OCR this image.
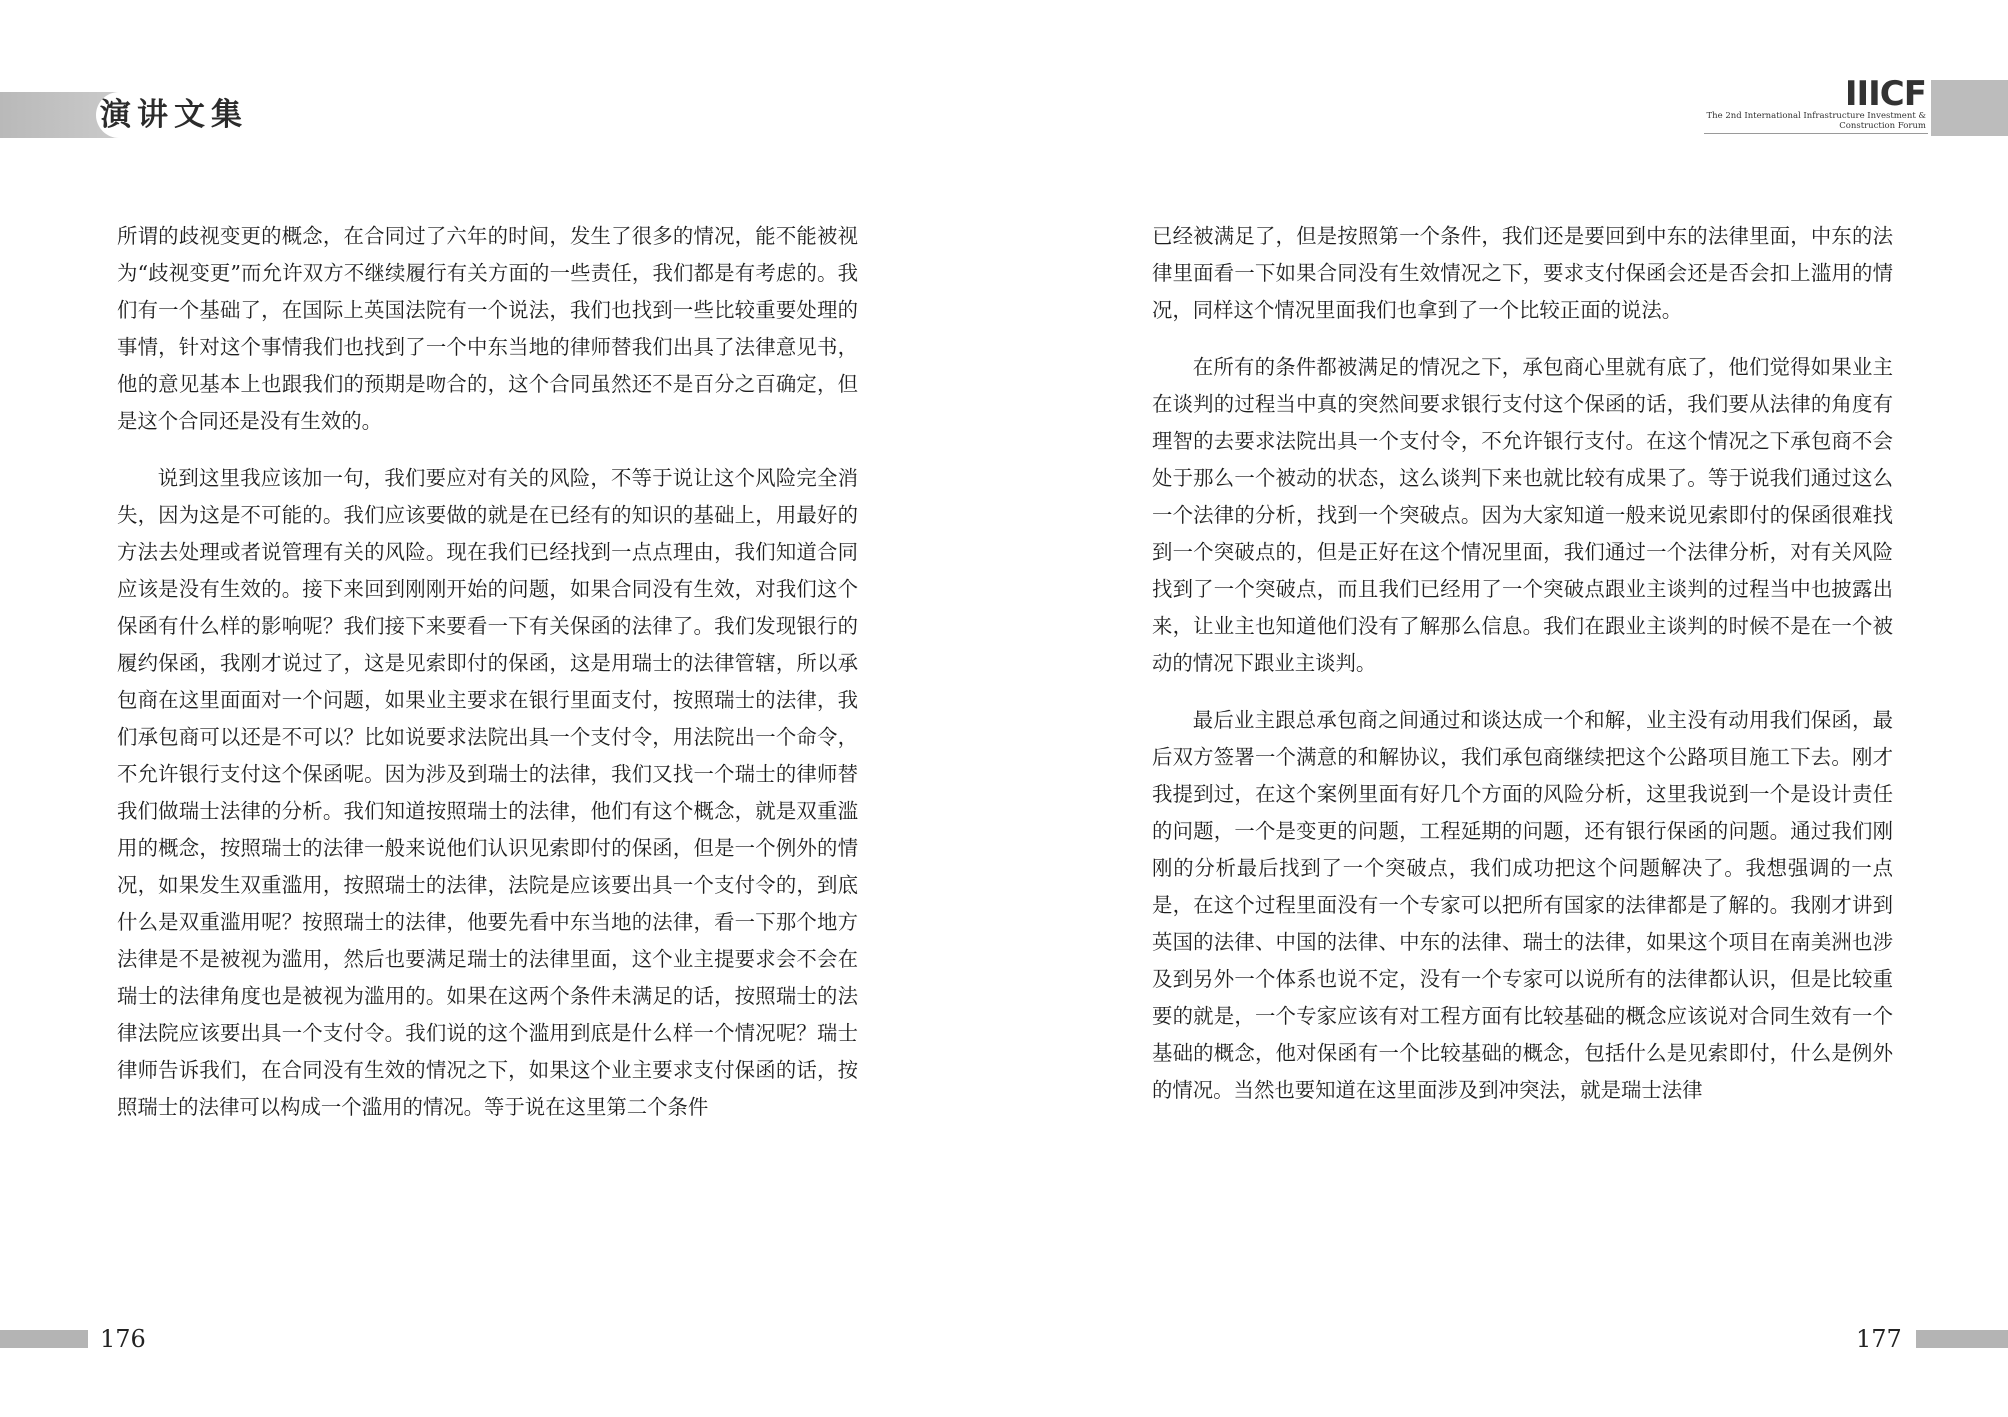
演讲文集

所谓的歧视变更的概念，在合同过了六年的时间，发生了很多的情况，能不能被视为“歧视变更”而允许双方不继续履行有关方面的一些责任，我们都是有考虑的。我们有一个基础了，在国际上英国法院有一个说法，我们也找到一些比较重要处理的事情，针对这个事情我们也找到了一个中东当地的律师替我们出具了法律意见书，他的意见基本上也跟我们的预期是吻合的，这个合同虽然还不是百分之百确定，但是这个合同还是没有生效的。

说到这里我应该加一句，我们要应对有关的风险，不等于说让这个风险完全消失，因为这是不可能的。我们应该要做的就是在已经有的知识的基础上，用最好的方法去处理或者说管理有关的风险。现在我们已经找到一点点理由，我们知道合同应该是没有生效的。接下来回到刚刚开始的问题，如果合同没有生效，对我们这个保函有什么样的影响呢？我们接下来要看一下有关保函的法律了。我们发现银行的履约保函，我刚才说过了，这是见索即付的保函，这是用瑞士的法律管辖，所以承包商在这里面面对一个问题，如果业主要求在银行里面支付，按照瑞士的法律，我们承包商可以还是不可以？比如说要求法院出具一个支付令，用法院出一个命令，不允许银行支付这个保函呢。因为涉及到瑞士的法律，我们又找一个瑞士的律师替我们做瑞士法律的分析。我们知道按照瑞士的法律，他们有这个概念，就是双重滥用的概念，按照瑞士的法律一般来说他们认识见索即付的保函，但是一个例外的情况，如果发生双重滥用，按照瑞士的法律，法院是应该要出具一个支付令的，到底什么是双重滥用呢？按照瑞士的法律，他要先看中东当地的法律，看一下那个地方法律是不是被视为滥用，然后也要满足瑞士的法律里面，这个业主提要求会不会在瑞士的法律角度也是被视为滥用的。如果在这两个条件未满足的话，按照瑞士的法律法院应该要出具一个支付令。我们说的这个滥用到底是什么样一个情况呢？瑞士律师告诉我们，在合同没有生效的情况之下，如果这个业主要求支付保函的话，按照瑞士的法律可以构成一个滥用的情况。等于说在这里第二个条件

176
IIICF
The 2nd International Infrastructure Investment &
Construction Forum

已经被满足了，但是按照第一个条件，我们还是要回到中东的法律里面，中东的法律里面看一下如果合同没有生效情况之下，要求支付保函会还是否会扣上滥用的情况，同样这个情况里面我们也拿到了一个比较正面的说法。

在所有的条件都被满足的情况之下，承包商心里就有底了，他们觉得如果业主在谈判的过程当中真的突然间要求银行支付这个保函的话，我们要从法律的角度有理智的去要求法院出具一个支付令，不允许银行支付。在这个情况之下承包商不会处于那么一个被动的状态，这么谈判下来也就比较有成果了。等于说我们通过这么一个法律的分析，找到一个突破点。因为大家知道一般来说见索即付的保函很难找到一个突破点的，但是正好在这个情况里面，我们通过一个法律分析，对有关风险找到了一个突破点，而且我们已经用了一个突破点跟业主谈判的过程当中也披露出来，让业主也知道他们没有了解那么信息。我们在跟业主谈判的时候不是在一个被动的情况下跟业主谈判。

最后业主跟总承包商之间通过和谈达成一个和解，业主没有动用我们保函，最后双方签署一个满意的和解协议，我们承包商继续把这个公路项目施工下去。刚才我提到过，在这个案例里面有好几个方面的风险分析，这里我说到一个是设计责任的问题，一个是变更的问题，工程延期的问题，还有银行保函的问题。通过我们刚刚的分析最后找到了一个突破点，我们成功把这个问题解决了。我想强调的一点是，在这个过程里面没有一个专家可以把所有国家的法律都是了解的。我刚才讲到英国的法律、中国的法律、中东的法律、瑞士的法律，如果这个项目在南美洲也涉及到另外一个体系也说不定，没有一个专家可以说所有的法律都认识，但是比较重要的就是，一个专家应该有对工程方面有比较基础的概念应该说对合同生效有一个基础的概念，他对保函有一个比较基础的概念，包括什么是见索即付，什么是例外的情况。当然也要知道在这里面涉及到冲突法，就是瑞士法律

177
